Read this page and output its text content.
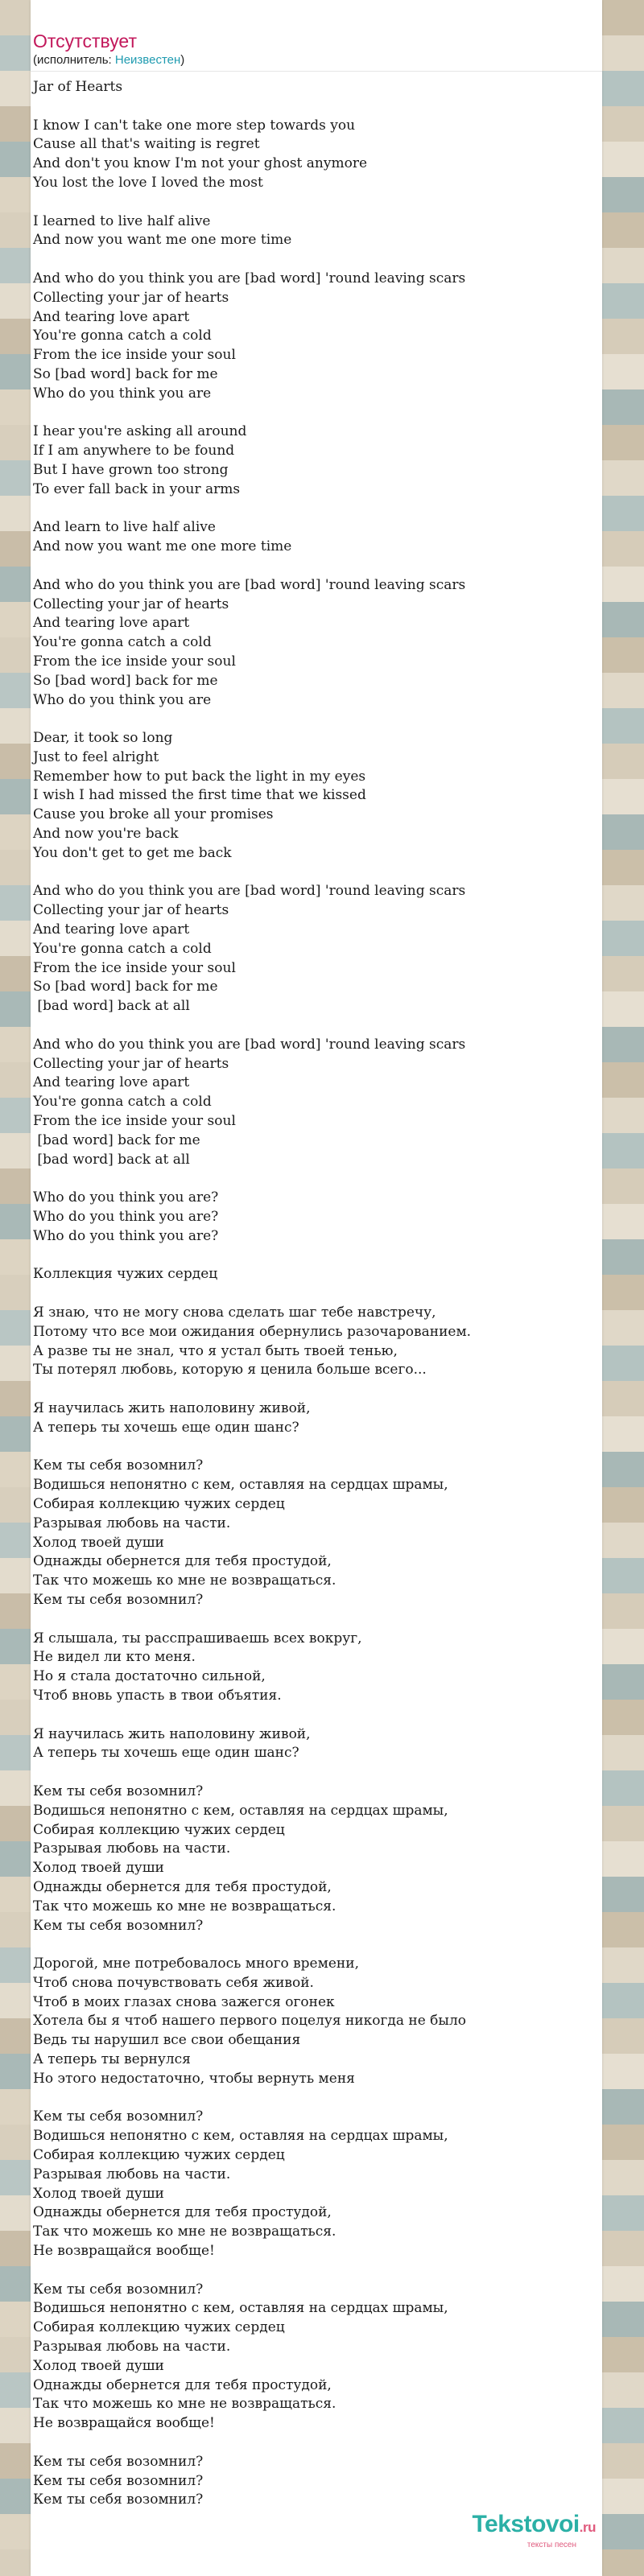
Отсутствует
(исполнитель: Неизвестен)
Jar of Hearts

I know I can't take one more step towards you
Cause all that's waiting is regret
And don't you know I'm not your ghost anymore
You lost the love I loved the most

I learned to live half alive
And now you want me one more time

And who do you think you are [bad word] 'round leaving scars
Collecting your jar of hearts
And tearing love apart
You're gonna catch a cold
From the ice inside your soul
So [bad word] back for me
Who do you think you are

I hear you're asking all around
If I am anywhere to be found
But I have grown too strong
To ever fall back in your arms

And learn to live half alive
And now you want me one more time

And who do you think you are [bad word] 'round leaving scars
Collecting your jar of hearts
And tearing love apart
You're gonna catch a cold
From the ice inside your soul
So [bad word] back for me
Who do you think you are

Dear, it took so long
Just to feel alright
Remember how to put back the light in my eyes
I wish I had missed the first time that we kissed
Cause you broke all your promises
And now you're back
You don't get to get me back

And who do you think you are [bad word] 'round leaving scars
Collecting your jar of hearts
And tearing love apart
You're gonna catch a cold
From the ice inside your soul
So [bad word] back for me
[bad word] back at all

And who do you think you are [bad word] 'round leaving scars
Collecting your jar of hearts
And tearing love apart
You're gonna catch a cold
From the ice inside your soul
[bad word] back for me
[bad word] back at all

Who do you think you are?
Who do you think you are?
Who do you think you are?

Коллекция чужих сердец

Я знаю, что не могу снова сделать шаг тебе навстречу,
Потому что все мои ожидания обернулись разочарованием.
А разве ты не знал, что я устал быть твоей тенью,
Ты потерял любовь, которую я ценила больше всего...

Я научилась жить наполовину живой,
А теперь ты хочешь еще один шанс?

Кем ты себя возомнил?
Водишься непонятно с кем, оставляя на сердцах шрамы,
Собирая коллекцию чужих сердец
Разрывая любовь на части.
Холод твоей души
Однажды обернется для тебя простудой,
Так что можешь ко мне не возвращаться.
Кем ты себя возомнил?

Я слышала, ты расспрашиваешь всех вокруг,
Не видел ли кто меня.
Но я стала достаточно сильной,
Чтоб вновь упасть в твои объятия.

Я научилась жить наполовину живой,
А теперь ты хочешь еще один шанс?

Кем ты себя возомнил?
Водишься непонятно с кем, оставляя на сердцах шрамы,
Собирая коллекцию чужих сердец
Разрывая любовь на части.
Холод твоей души
Однажды обернется для тебя простудой,
Так что можешь ко мне не возвращаться.
Кем ты себя возомнил?

Дорогой, мне потребовалось много времени,
Чтоб снова почувствовать себя живой.
Чтоб в моих глазах снова зажегся огонек
Хотела бы я чтоб нашего первого поцелуя никогда не было
Ведь ты нарушил все свои обещания
А теперь ты вернулся
Но этого недостаточно, чтобы вернуть меня

Кем ты себя возомнил?
Водишься непонятно с кем, оставляя на сердцах шрамы,
Собирая коллекцию чужих сердец
Разрывая любовь на части.
Холод твоей души
Однажды обернется для тебя простудой,
Так что можешь ко мне не возвращаться.
Не возвращайся вообще!

Кем ты себя возомнил?
Водишься непонятно с кем, оставляя на сердцах шрамы,
Собирая коллекцию чужих сердец
Разрывая любовь на части.
Холод твоей души
Однажды обернется для тебя простудой,
Так что можешь ко мне не возвращаться.
Не возвращайся вообще!

Кем ты себя возомнил?
Кем ты себя возомнил?
Кем ты себя возомнил?
Tekstovoi.ru
тексты песен
